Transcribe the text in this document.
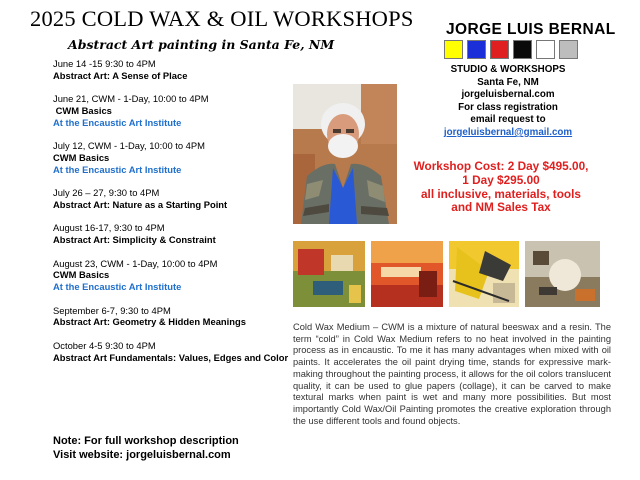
2025 COLD WAX & OIL WORKSHOPS
Abstract Art painting in Santa Fe, NM
June 14 -15 9:30 to 4PM
Abstract Art: A Sense of Place
June 21, CWM - 1-Day, 10:00 to 4PM
CWM Basics
At the Encaustic Art Institute
July 12, CWM - 1-Day, 10:00 to 4PM
CWM Basics
At the Encaustic Art Institute
July 26 – 27, 9:30 to 4PM
Abstract Art: Nature as a Starting Point
August 16-17, 9:30 to 4PM
Abstract Art: Simplicity & Constraint
August 23, CWM - 1-Day, 10:00 to 4PM
CWM Basics
At the Encaustic Art Institute
September 6-7, 9:30 to 4PM
Abstract Art: Geometry & Hidden Meanings
October 4-5 9:30 to 4PM
Abstract Art Fundamentals: Values, Edges and Color
Note: For full workshop description
Visit website: jorgeluisbernal.com
JORGE LUIS BERNAL
STUDIO & WORKSHOPS
Santa Fe, NM
jorgeluisbernal.com
For class registration
email request to
jorgeluisbernal@gmail.com
Workshop Cost: 2 Day $495.00,
1 Day $295.00
all inclusive, materials, tools
and NM Sales Tax
Cold Wax Medium – CWM is a mixture of natural beeswax and a resin. The term “cold” in Cold Wax Medium refers to no heat involved in the painting process as in encaustic. To me it has many advantages when mixed with oil paints. It accelerates the oil paint drying time, stands for expressive mark-making throughout the painting process, it allows for the oil colors translucent quality, it can be used to glue papers (collage), it can be carved to make textural marks when paint is wet and many more possibilities. But most importantly Cold Wax/Oil Painting promotes the creative exploration through the use different tools and found objects.
